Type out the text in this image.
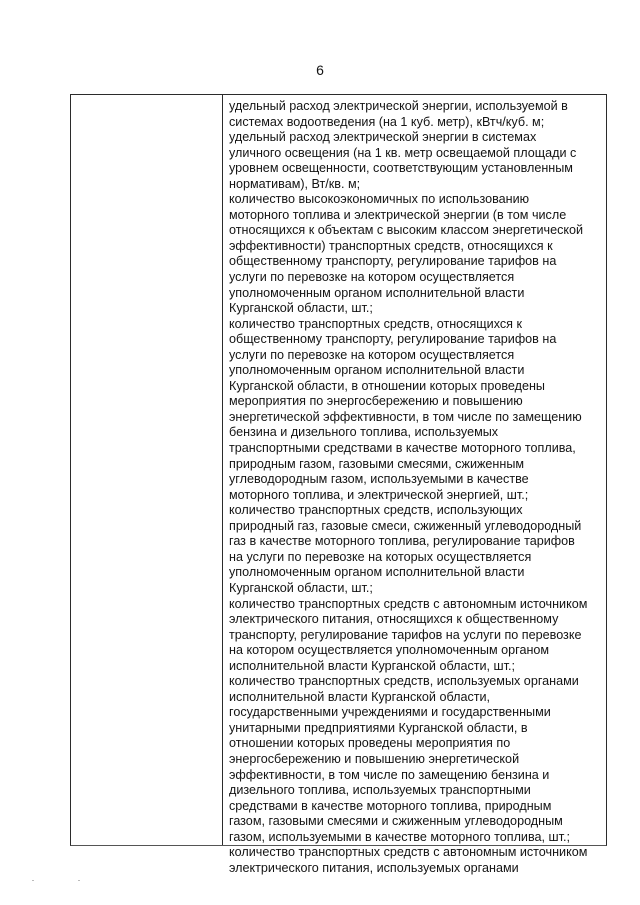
6
удельный расход электрической энергии, используемой в
системах водоотведения (на 1 куб. метр), кВтч/куб. м;
удельный расход электрической энергии в системах
уличного освещения (на 1 кв. метр освещаемой площади с
уровнем освещенности, соответствующим установленным
нормативам), Вт/кв. м;
количество высокоэкономичных по использованию
моторного топлива и электрической энергии (в том числе
относящихся к объектам с высоким классом энергетической
эффективности) транспортных средств, относящихся к
общественному транспорту, регулирование тарифов на
услуги по перевозке на котором осуществляется
уполномоченным органом исполнительной власти
Курганской области, шт.;
количество транспортных средств, относящихся к
общественному транспорту, регулирование тарифов на
услуги по перевозке на котором осуществляется
уполномоченным органом исполнительной власти
Курганской области, в отношении которых проведены
мероприятия по энергосбережению и повышению
энергетической эффективности, в том числе по замещению
бензина и дизельного топлива, используемых
транспортными средствами в качестве моторного топлива,
природным газом, газовыми смесями, сжиженным
углеводородным газом, используемыми в качестве
моторного топлива, и электрической энергией, шт.;
количество транспортных средств, использующих
природный газ, газовые смеси, сжиженный углеводородный
газ в качестве моторного топлива, регулирование тарифов
на услуги по перевозке на которых осуществляется
уполномоченным органом исполнительной власти
Курганской области, шт.;
количество транспортных средств с автономным источником
электрического питания, относящихся к общественному
транспорту, регулирование тарифов на услуги по перевозке
на котором осуществляется уполномоченным органом
исполнительной власти Курганской области, шт.;
количество транспортных средств, используемых органами
исполнительной власти Курганской области,
государственными учреждениями и государственными
унитарными предприятиями Курганской области, в
отношении которых проведены мероприятия по
энергосбережению и повышению энергетической
эффективности, в том числе по замещению бензина и
дизельного топлива, используемых транспортными
средствами в качестве моторного топлива, природным
газом, газовыми смесями и сжиженным углеводородным
газом, используемыми в качестве моторного топлива, шт.;
количество транспортных средств с автономным источником
электрического питания, используемых органами
